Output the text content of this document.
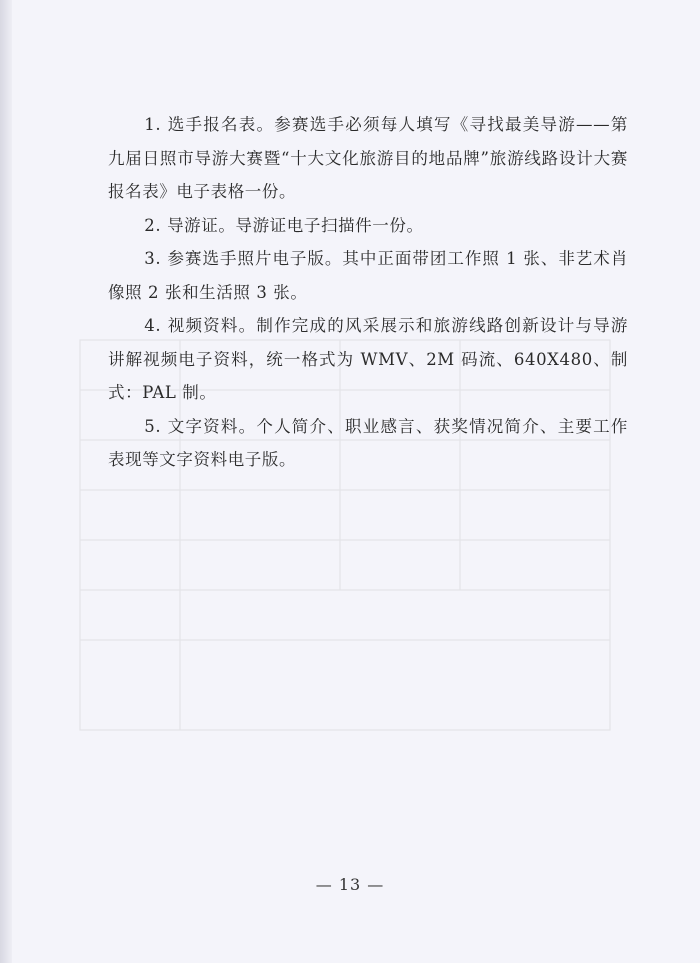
1. 选手报名表。参赛选手必须每人填写《寻找最美导游——第九届日照市导游大赛暨“十大文化旅游目的地品牌”旅游线路设计大赛报名表》电子表格一份。

2. 导游证。导游证电子扫描件一份。

3. 参赛选手照片电子版。其中正面带团工作照 1 张、非艺术肖像照 2 张和生活照 3 张。

4. 视频资料。制作完成的风采展示和旅游线路创新设计与导游讲解视频电子资料，统一格式为 WMV、2M 码流、640X480、制式：PAL 制。

5. 文字资料。个人简介、职业感言、获奖情况简介、主要工作表现等文字资料电子版。

— 13 —
